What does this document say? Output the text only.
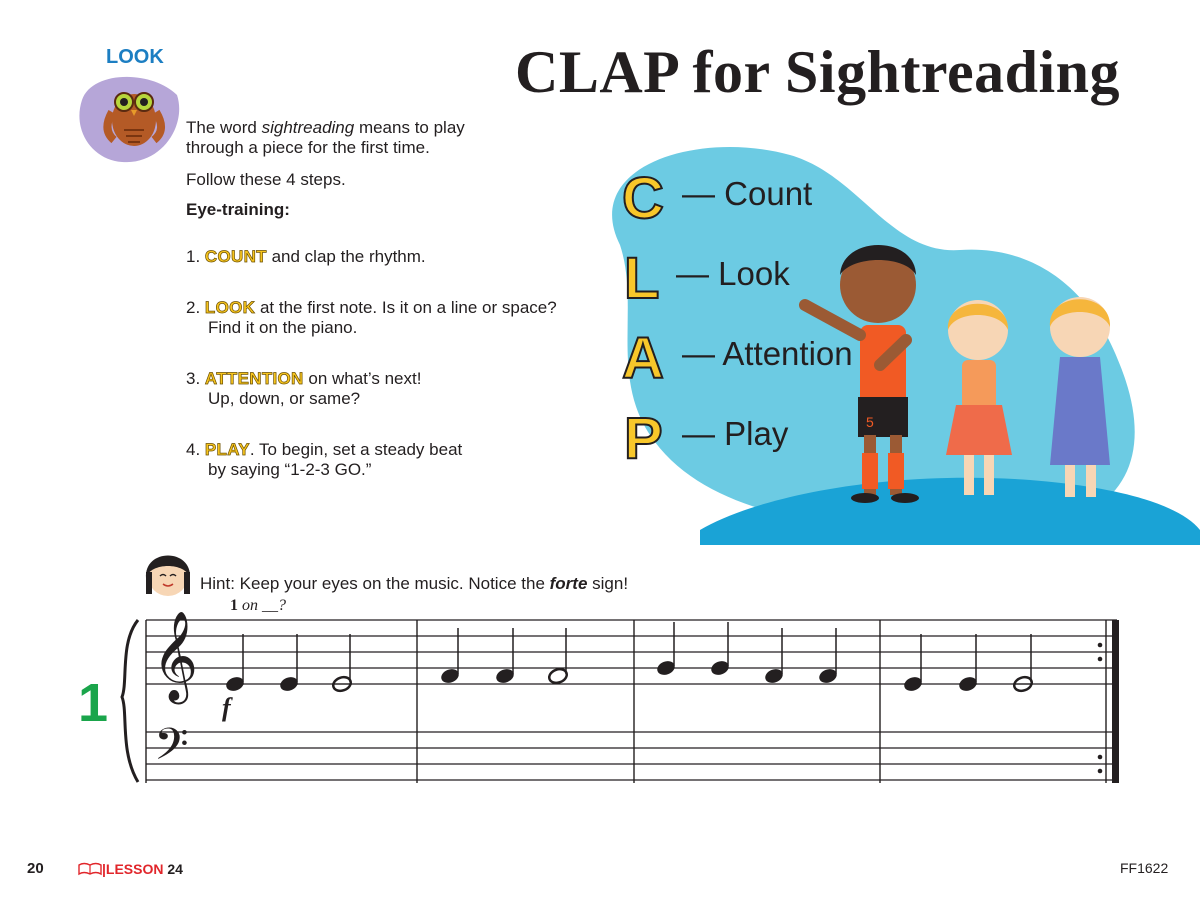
CLAP for Sightreading
LOOK
The word sightreading means to play
through a piece for the first time.
Follow these 4 steps.
Eye-training:
1. COUNT and clap the rhythm.
2. LOOK at the first note. Is it on a line or space?
Find it on the piano.
3. ATTENTION on what’s next!
Up, down, or same?
4. PLAY. To begin, set a steady beat
by saying “1-2-3 GO.”
5
C — Count
L — Look
A — Attention
P — Play
Hint: Keep your eyes on the music. Notice the forte sign!
1 on __?
1
𝄞
𝄢
f
20	|LESSON 24	FF1622
